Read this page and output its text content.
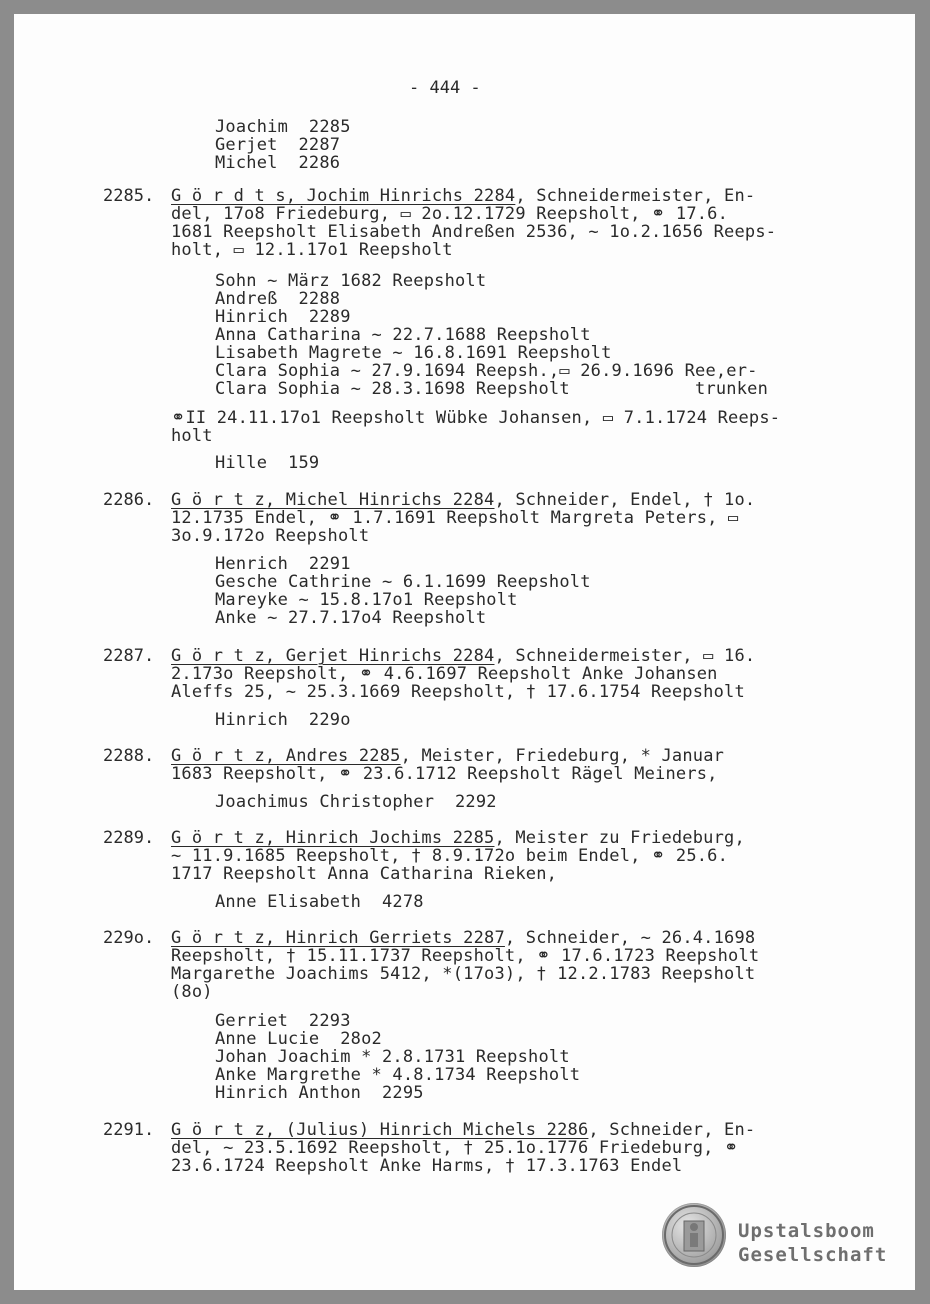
- 444 -
Joachim  2285
Gerjet  2287
Michel  2286
2285. G ö r d t s, Jochim Hinrichs 2284, Schneidermeister, En-
del, 17o8 Friedeburg, ▭ 2o.12.1729 Reepsholt, ⚭ 17.6.
1681 Reepsholt Elisabeth Andreßen 2536, ~ 1o.2.1656 Reeps-
holt, ▭ 12.1.17o1 Reepsholt
Sohn ~ März 1682 Reepsholt
Andreß  2288
Hinrich  2289
Anna Catharina ~ 22.7.1688 Reepsholt
Lisabeth Magrete ~ 16.8.1691 Reepsholt
Clara Sophia ~ 27.9.1694 Reepsh.,▭ 26.9.1696 Ree,er-
Clara Sophia ~ 28.3.1698 Reepsholt            trunken
⚭II 24.11.17o1 Reepsholt Wübke Johansen, ▭ 7.1.1724 Reeps-
holt
Hille  159
2286. G ö r t z, Michel Hinrichs 2284, Schneider, Endel, † 1o.
12.1735 Endel, ⚭ 1.7.1691 Reepsholt Margreta Peters, ▭
3o.9.172o Reepsholt
Henrich  2291
Gesche Cathrine ~ 6.1.1699 Reepsholt
Mareyke ~ 15.8.17o1 Reepsholt
Anke ~ 27.7.17o4 Reepsholt
2287. G ö r t z, Gerjet Hinrichs 2284, Schneidermeister, ▭ 16.
2.173o Reepsholt, ⚭ 4.6.1697 Reepsholt Anke Johansen
Aleffs 25, ~ 25.3.1669 Reepsholt, † 17.6.1754 Reepsholt
Hinrich  229o
2288. G ö r t z, Andres 2285, Meister, Friedeburg, * Januar
1683 Reepsholt, ⚭ 23.6.1712 Reepsholt Rägel Meiners,
Joachimus Christopher  2292
2289. G ö r t z, Hinrich Jochims 2285, Meister zu Friedeburg,
~ 11.9.1685 Reepsholt, † 8.9.172o beim Endel, ⚭ 25.6.
1717 Reepsholt Anna Catharina Rieken,
Anne Elisabeth  4278
229o. G ö r t z, Hinrich Gerriets 2287, Schneider, ~ 26.4.1698
Reepsholt, † 15.11.1737 Reepsholt, ⚭ 17.6.1723 Reepsholt
Margarethe Joachims 5412, *(17o3), † 12.2.1783 Reepsholt
(8o)
Gerriet  2293
Anne Lucie  28o2
Johan Joachim * 2.8.1731 Reepsholt
Anke Margrethe * 4.8.1734 Reepsholt
Hinrich Anthon  2295
2291. G ö r t z, (Julius) Hinrich Michels 2286, Schneider, En-
del, ~ 23.5.1692 Reepsholt, † 25.1o.1776 Friedeburg, ⚭
23.6.1724 Reepsholt Anke Harms, † 17.3.1763 Endel
Upstalsboom
Gesellschaft
